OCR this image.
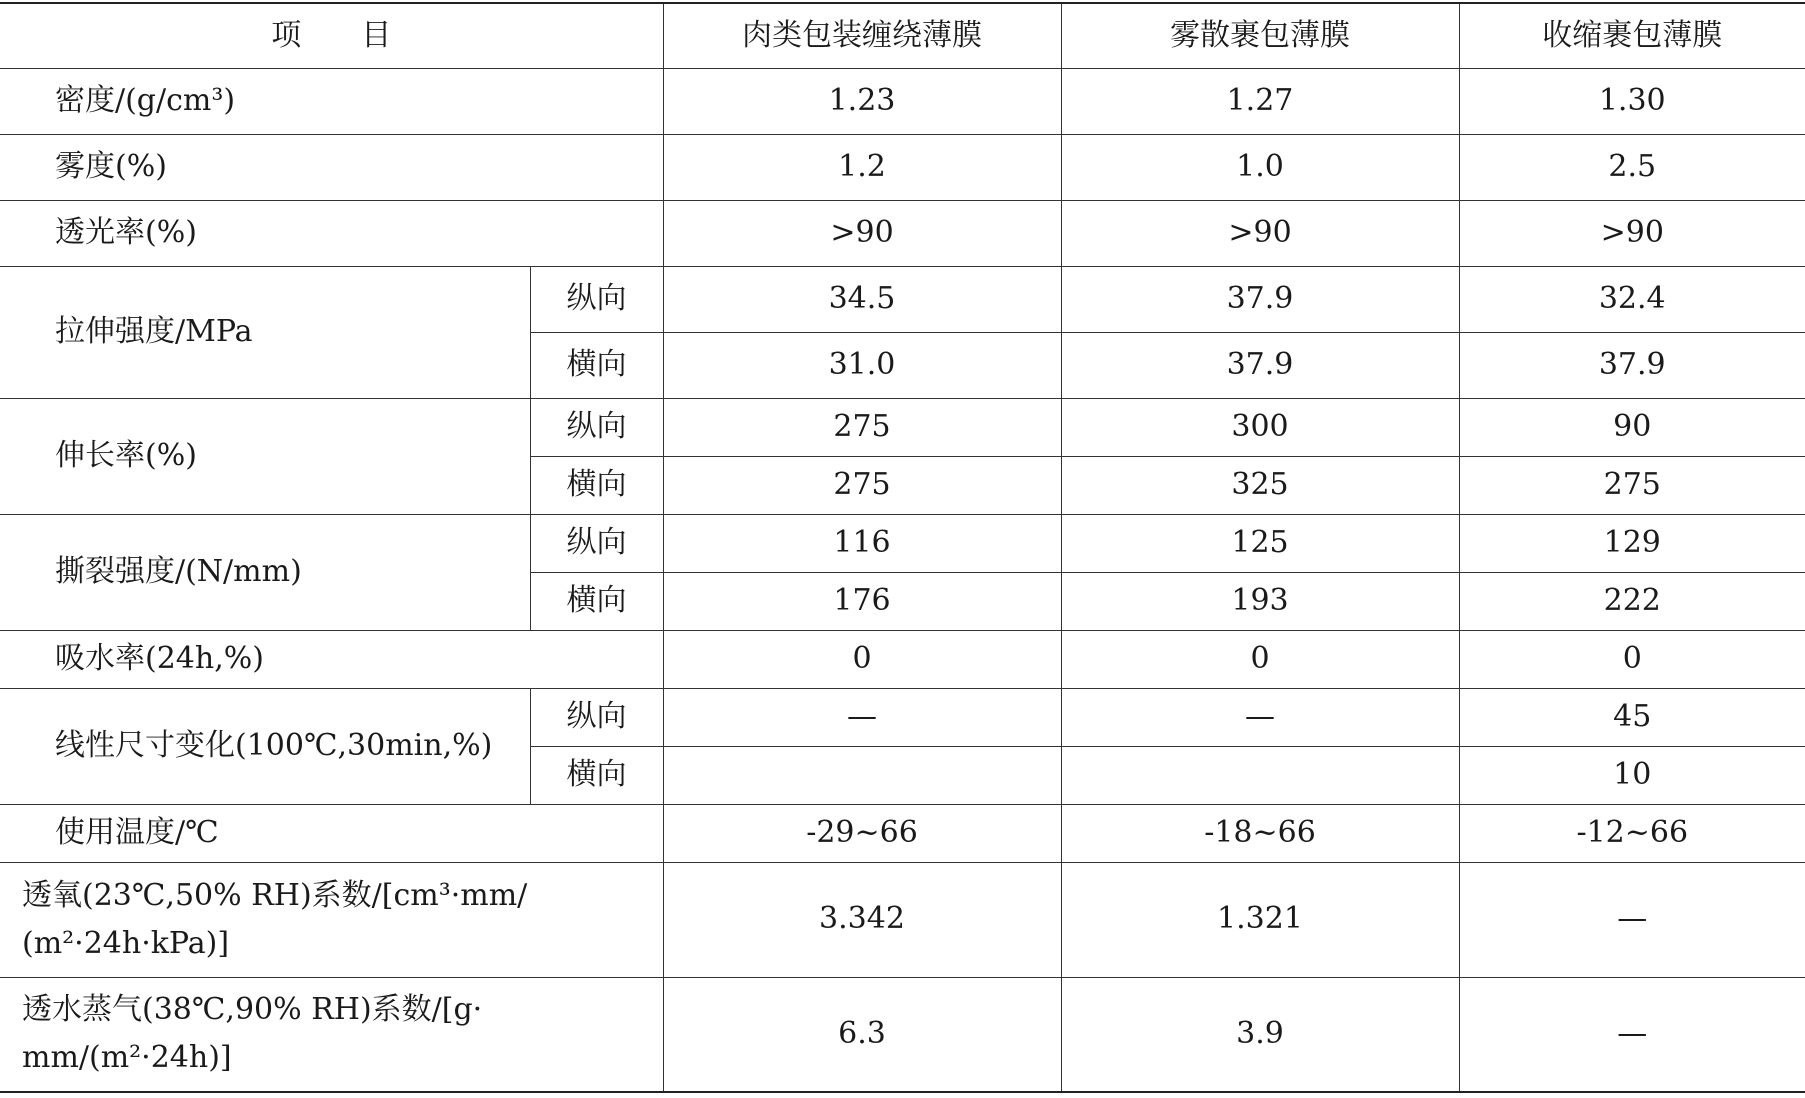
项　　目		肉类包装缠绕薄膜	雾散裹包薄膜	收缩裹包薄膜
密度/(g/cm³)		1.23	1.27	1.30
雾度(%)		1.2	1.0	2.5
透光率(%)		>90	>90	>90
拉伸强度/MPa	纵向	34.5	37.9	32.4
	横向	31.0	37.9	37.9
伸长率(%)	纵向	275	300	90
	横向	275	325	275
撕裂强度/(N/mm)	纵向	116	125	129
	横向	176	193	222
吸水率(24h,%)		0	0	0
线性尺寸变化(100℃,30min,%)	纵向	—	—	45
	横向			10
使用温度/℃		-29~66	-18~66	-12~66

透氧(23℃,50% RH)系数/[cm³·mm/
(m²·24h·kPa)]		3.342	1.321	—

透水蒸气(38℃,90% RH)系数/[g·
mm/(m²·24h)]		6.3	3.9	—
